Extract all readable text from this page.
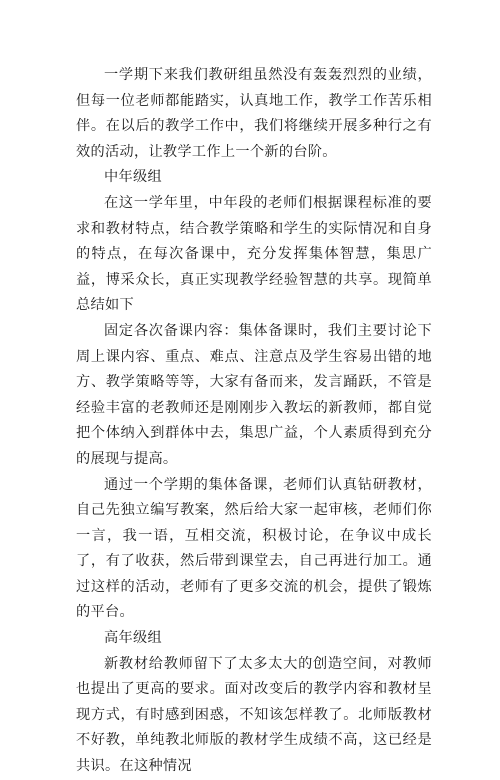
一学期下来我们教研组虽然没有轰轰烈烈的业绩，但每一位老师都能踏实，认真地工作，教学工作苦乐相伴。在以后的教学工作中，我们将继续开展多种行之有效的活动，让教学工作上一个新的台阶。

中年级组

在这一学年里，中年段的老师们根据课程标准的要求和教材特点，结合教学策略和学生的实际情况和自身的特点，在每次备课中，充分发挥集体智慧，集思广益，博采众长，真正实现教学经验智慧的共享。现简单总结如下

固定各次备课内容：集体备课时，我们主要讨论下周上课内容、重点、难点、注意点及学生容易出错的地方、教学策略等等，大家有备而来，发言踊跃，不管是经验丰富的老教师还是刚刚步入教坛的新教师，都自觉把个体纳入到群体中去，集思广益，个人素质得到充分的展现与提高。

通过一个学期的集体备课，老师们认真钻研教材，自己先独立编写教案，然后给大家一起审核，老师们你一言，我一语，互相交流，积极讨论，在争议中成长了，有了收获，然后带到课堂去，自己再进行加工。通过这样的活动，老师有了更多交流的机会，提供了锻炼的平台。

高年级组

新教材给教师留下了太多太大的创造空间，对教师也提出了更高的要求。面对改变后的教学内容和教材呈现方式，有时感到困惑，不知该怎样教了。北师版教材不好教，单纯教北师版的教材学生成绩不高，这已经是共识。在这种情况
